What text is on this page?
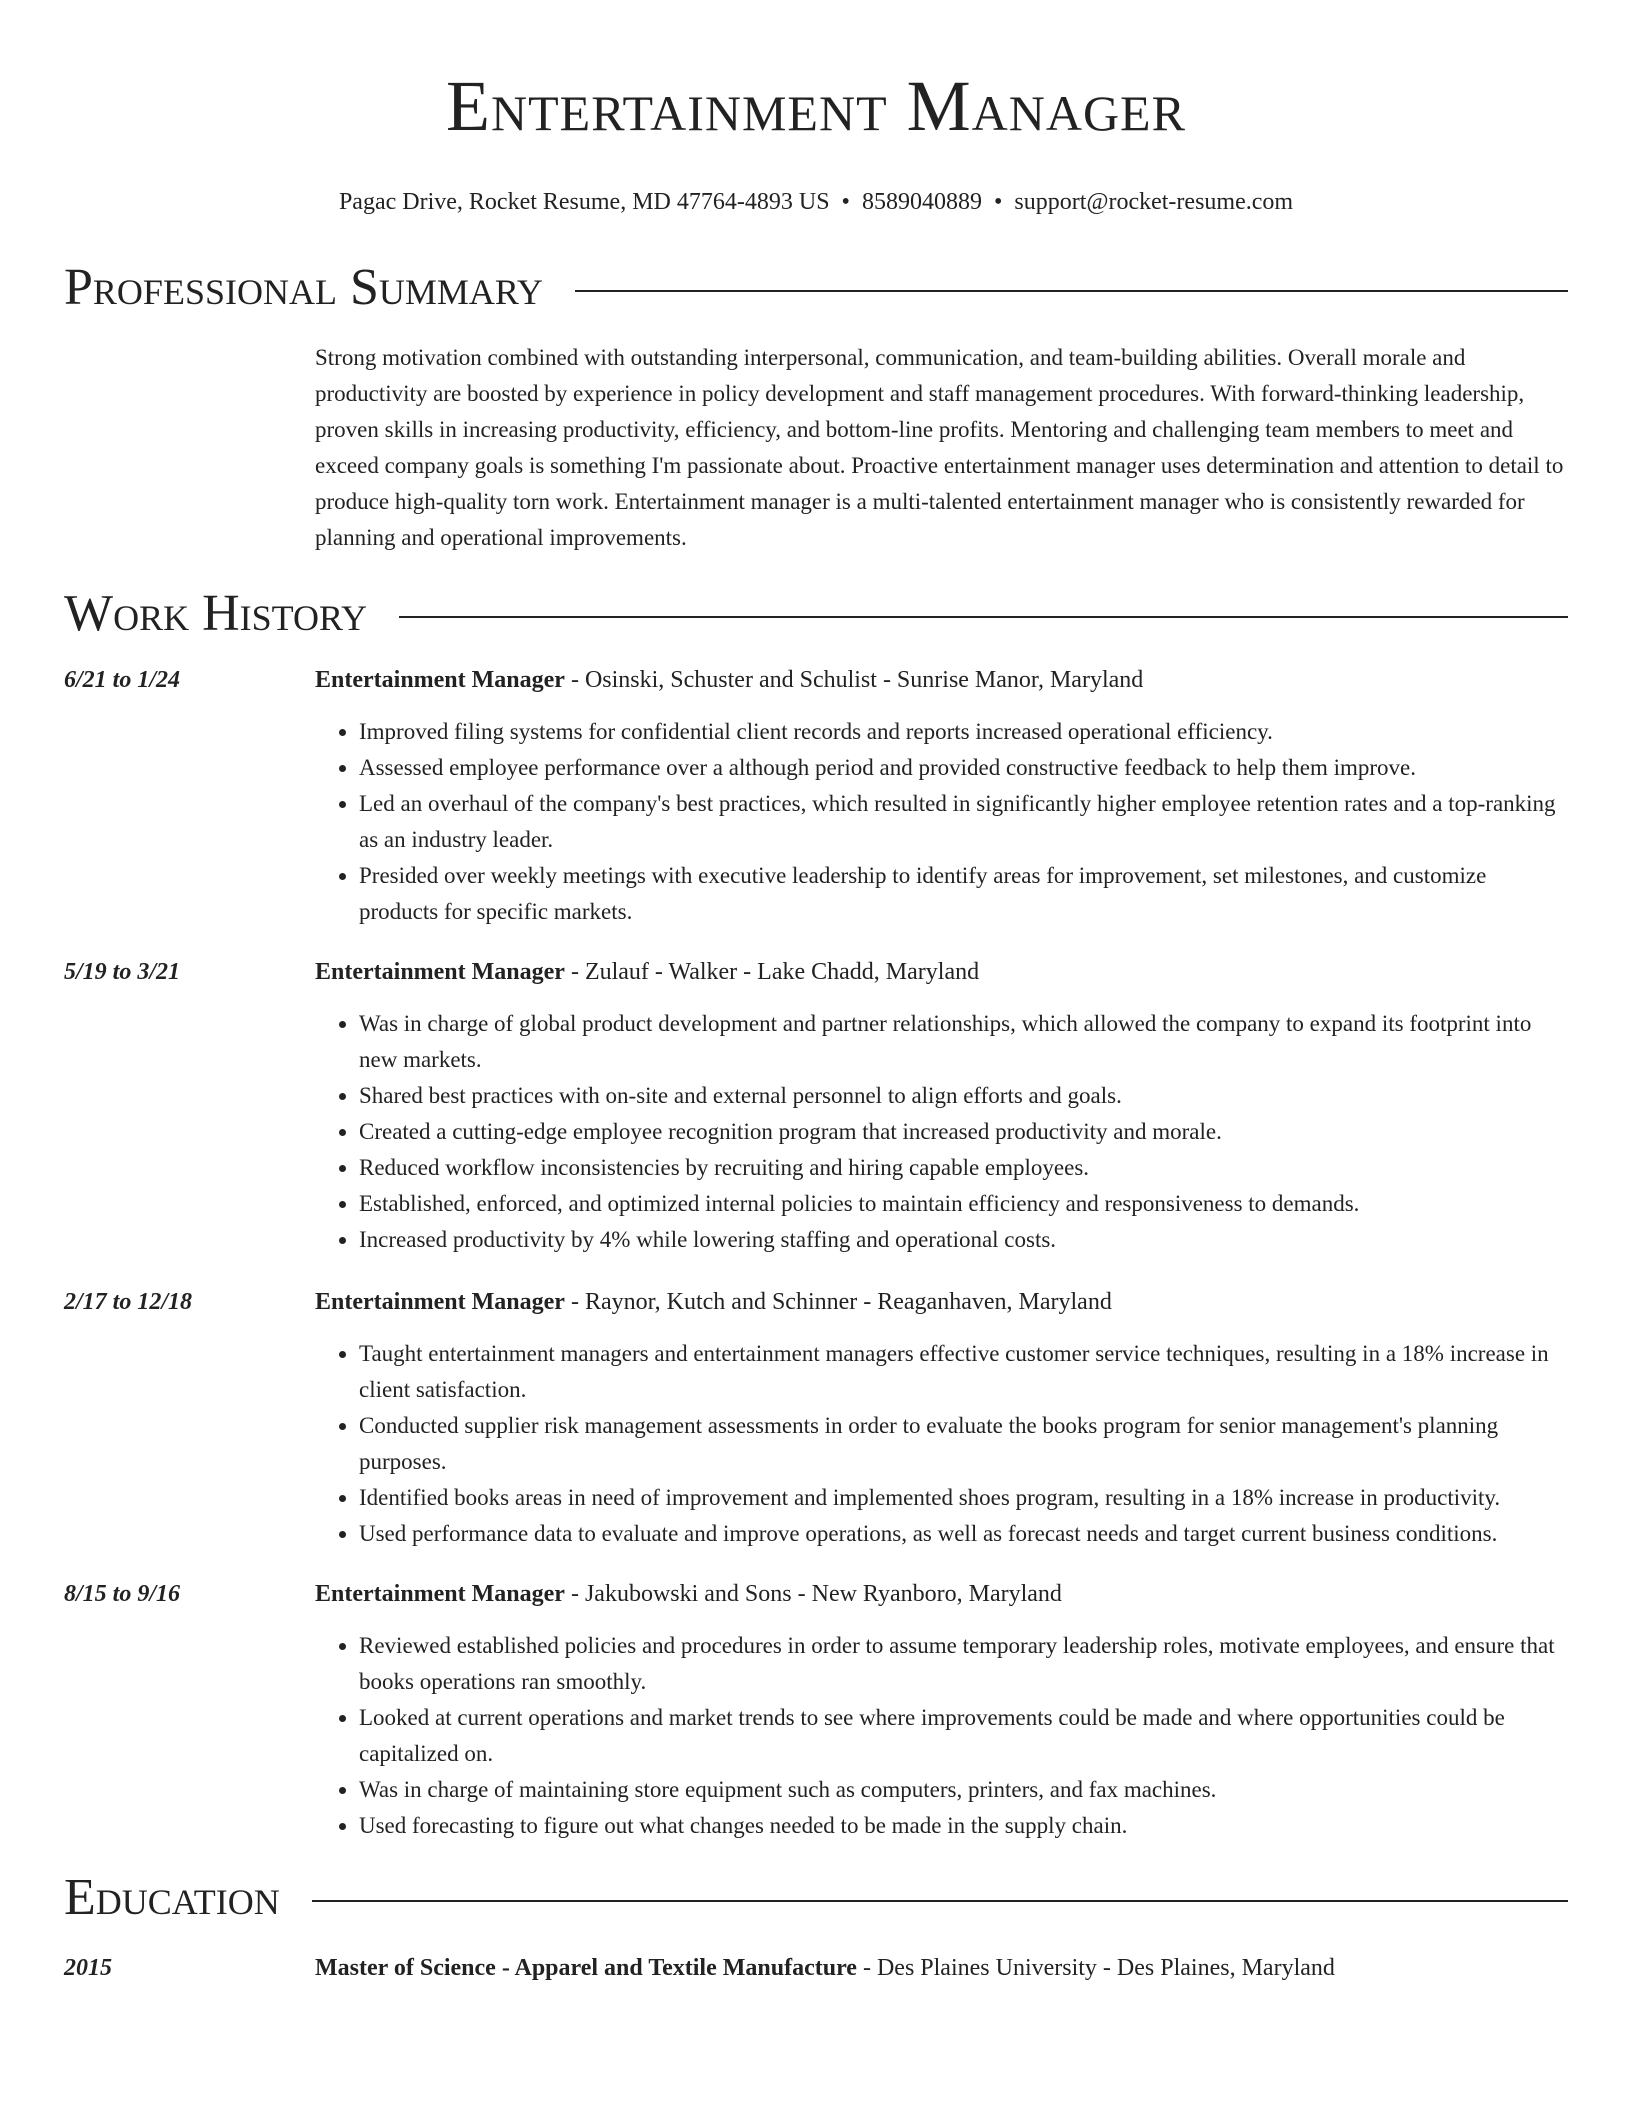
Entertainment Manager
Pagac Drive, Rocket Resume, MD 47764-4893 US • 8589040889 • support@rocket-resume.com
Professional Summary
Strong motivation combined with outstanding interpersonal, communication, and team-building abilities. Overall morale and productivity are boosted by experience in policy development and staff management procedures. With forward-thinking leadership, proven skills in increasing productivity, efficiency, and bottom-line profits. Mentoring and challenging team members to meet and exceed company goals is something I'm passionate about. Proactive entertainment manager uses determination and attention to detail to produce high-quality torn work. Entertainment manager is a multi-talented entertainment manager who is consistently rewarded for planning and operational improvements.
Work History
6/21 to 1/24	Entertainment Manager - Osinski, Schuster and Schulist - Sunrise Manor, Maryland
• Improved filing systems for confidential client records and reports increased operational efficiency.
• Assessed employee performance over a although period and provided constructive feedback to help them improve.
• Led an overhaul of the company's best practices, which resulted in significantly higher employee retention rates and a top-ranking as an industry leader.
• Presided over weekly meetings with executive leadership to identify areas for improvement, set milestones, and customize products for specific markets.
5/19 to 3/21	Entertainment Manager - Zulauf - Walker - Lake Chadd, Maryland
• Was in charge of global product development and partner relationships, which allowed the company to expand its footprint into new markets.
• Shared best practices with on-site and external personnel to align efforts and goals.
• Created a cutting-edge employee recognition program that increased productivity and morale.
• Reduced workflow inconsistencies by recruiting and hiring capable employees.
• Established, enforced, and optimized internal policies to maintain efficiency and responsiveness to demands.
• Increased productivity by 4% while lowering staffing and operational costs.
2/17 to 12/18	Entertainment Manager - Raynor, Kutch and Schinner - Reaganhaven, Maryland
• Taught entertainment managers and entertainment managers effective customer service techniques, resulting in a 18% increase in client satisfaction.
• Conducted supplier risk management assessments in order to evaluate the books program for senior management's planning purposes.
• Identified books areas in need of improvement and implemented shoes program, resulting in a 18% increase in productivity.
• Used performance data to evaluate and improve operations, as well as forecast needs and target current business conditions.
8/15 to 9/16	Entertainment Manager - Jakubowski and Sons - New Ryanboro, Maryland
• Reviewed established policies and procedures in order to assume temporary leadership roles, motivate employees, and ensure that books operations ran smoothly.
• Looked at current operations and market trends to see where improvements could be made and where opportunities could be capitalized on.
• Was in charge of maintaining store equipment such as computers, printers, and fax machines.
• Used forecasting to figure out what changes needed to be made in the supply chain.
Education
2015	Master of Science - Apparel and Textile Manufacture - Des Plaines University - Des Plaines, Maryland
